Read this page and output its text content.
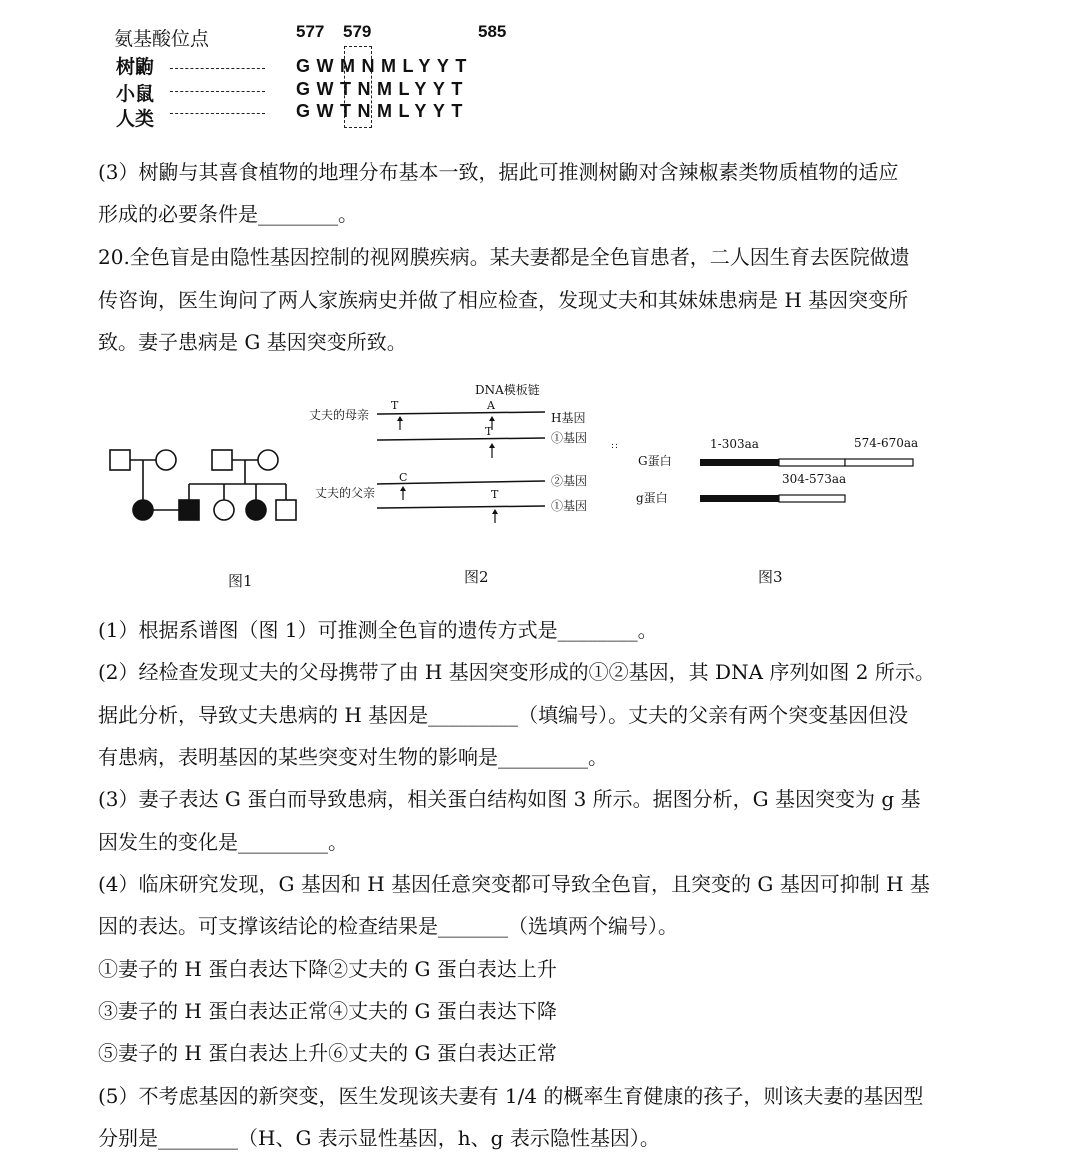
氨基酸位点	577 579	585
树鼩	GWMNMLYYT
小鼠	GWTNMLYYT
人类	GWTNMLYYT
(3）树鼩与其喜食植物的地理分布基本一致，据此可推测树鼩对含辣椒素类物质植物的适应
形成的必要条件是________。
20.全色盲是由隐性基因控制的视网膜疾病。某夫妻都是全色盲患者，二人因生育去医院做遗
传咨询，医生询问了两人家族病史并做了相应检查，发现丈夫和其妹妹患病是 H 基因突变所
致。妻子患病是 G 基因突变所致。
DNA模板链
丈夫的母亲
T	A
H基因
T	①基因
C	②基因
丈夫的父亲	T
①基因
::	1-303aa	574-670aa
G蛋白
304-573aa
g蛋白
图1	图2	图3
(1）根据系谱图（图 1）可推测全色盲的遗传方式是________。
(2）经检查发现丈夫的父母携带了由 H 基因突变形成的①②基因，其 DNA 序列如图 2 所示。
据此分析，导致丈夫患病的 H 基因是_________（填编号）。丈夫的父亲有两个突变基因但没
有患病，表明基因的某些突变对生物的影响是_________。
(3）妻子表达 G 蛋白而导致患病，相关蛋白结构如图 3 所示。据图分析，G 基因突变为 g 基
因发生的变化是_________。
(4）临床研究发现，G 基因和 H 基因任意突变都可导致全色盲，且突变的 G 基因可抑制 H 基
因的表达。可支撑该结论的检查结果是_______（选填两个编号）。
①妻子的 H 蛋白表达下降②丈夫的 G 蛋白表达上升
③妻子的 H 蛋白表达正常④丈夫的 G 蛋白表达下降
⑤妻子的 H 蛋白表达上升⑥丈夫的 G 蛋白表达正常
(5）不考虑基因的新突变，医生发现该夫妻有 1/4 的概率生育健康的孩子，则该夫妻的基因型
分别是________（H、G 表示显性基因，h、g 表示隐性基因）。
